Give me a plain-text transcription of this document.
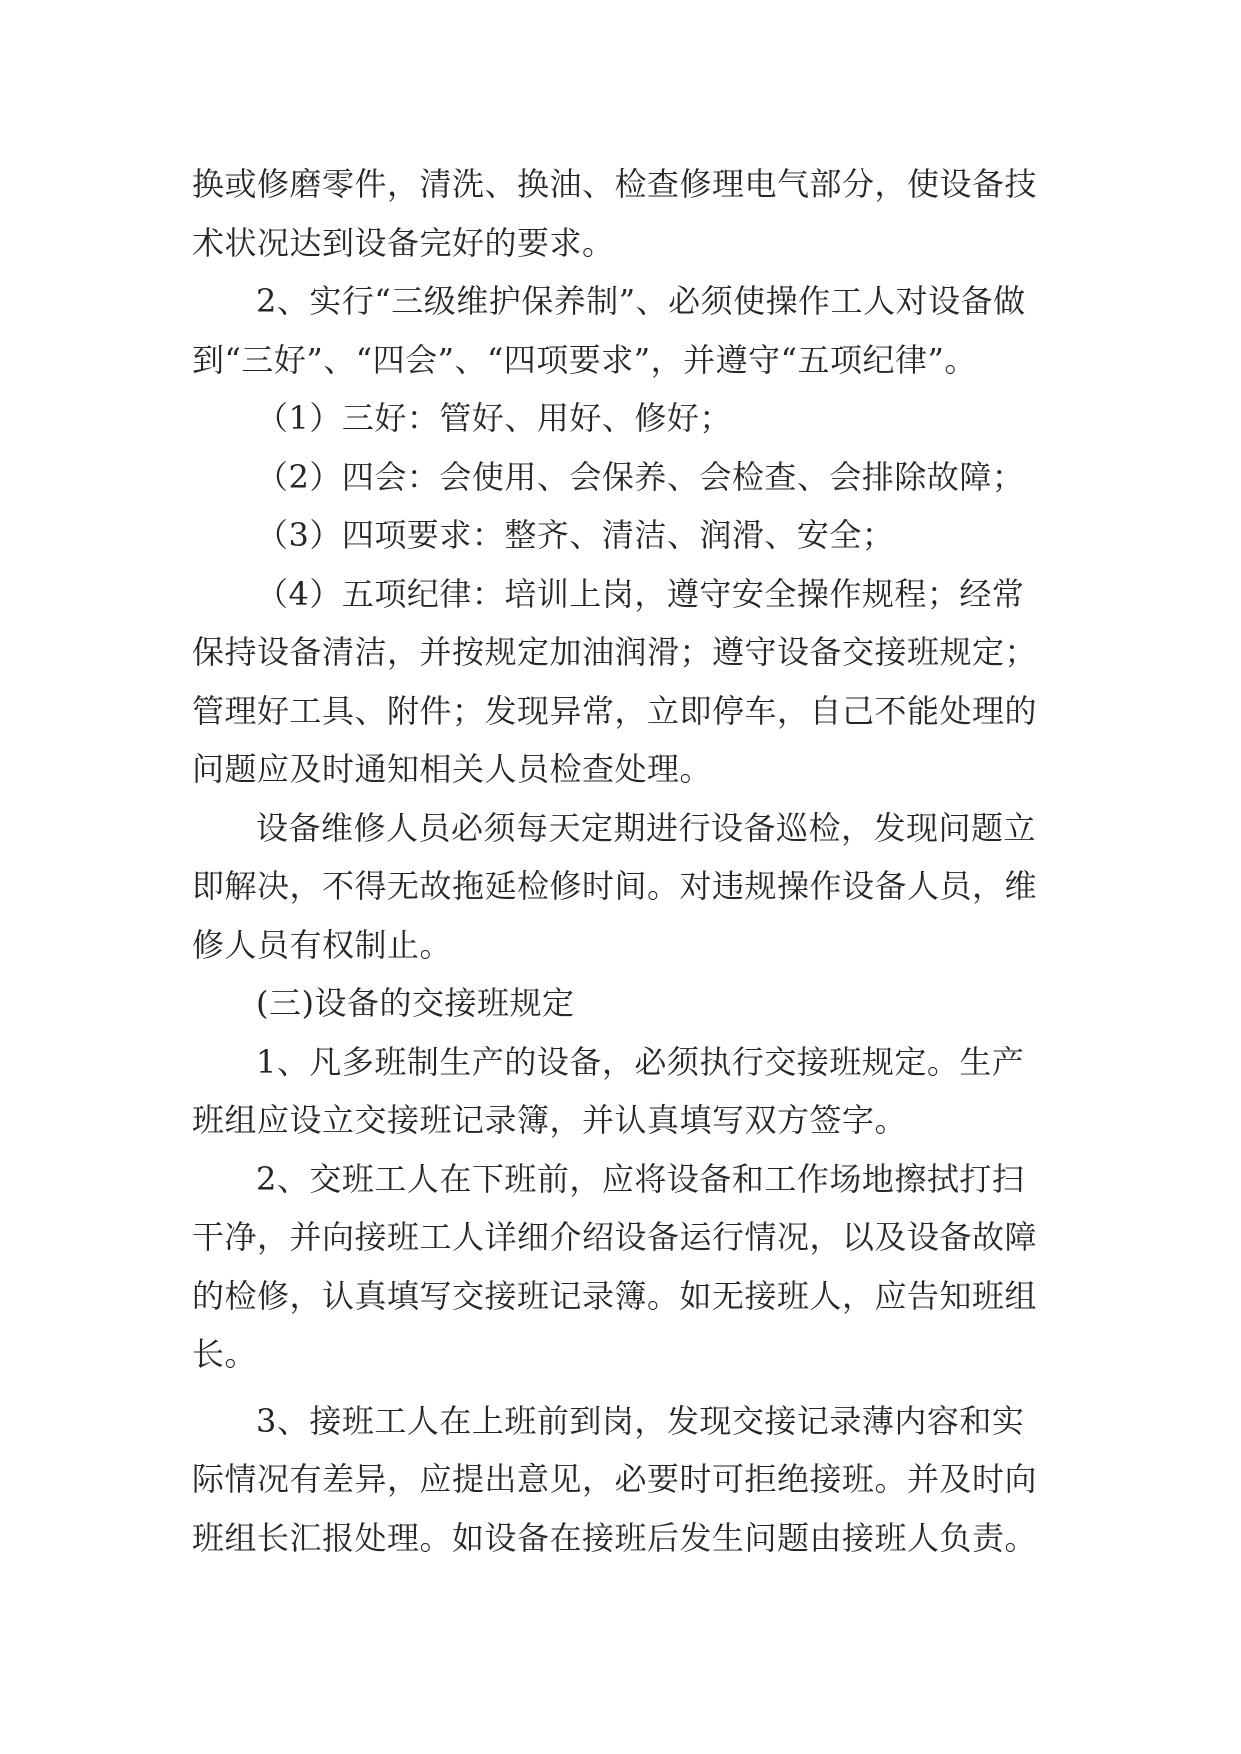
换或修磨零件，清洗、换油、检查修理电气部分，使设备技
术状况达到设备完好的要求。
2、实行“三级维护保养制”、必须使操作工人对设备做
到“三好”、“四会”、“四项要求”，并遵守“五项纪律”。
（1）三好：管好、用好、修好；
（2）四会：会使用、会保养、会检查、会排除故障；
（3）四项要求：整齐、清洁、润滑、安全；
（4）五项纪律：培训上岗，遵守安全操作规程；经常
保持设备清洁，并按规定加油润滑；遵守设备交接班规定；
管理好工具、附件；发现异常，立即停车，自己不能处理的
问题应及时通知相关人员检查处理。
设备维修人员必须每天定期进行设备巡检，发现问题立
即解决，不得无故拖延检修时间。对违规操作设备人员，维
修人员有权制止。
(三)设备的交接班规定
1、凡多班制生产的设备，必须执行交接班规定。生产
班组应设立交接班记录簿，并认真填写双方签字。
2、交班工人在下班前，应将设备和工作场地擦拭打扫
干净，并向接班工人详细介绍设备运行情况，以及设备故障
的检修，认真填写交接班记录簿。如无接班人，应告知班组
长。
3、接班工人在上班前到岗，发现交接记录薄内容和实
际情况有差异，应提出意见，必要时可拒绝接班。并及时向
班组长汇报处理。如设备在接班后发生问题由接班人负责。
